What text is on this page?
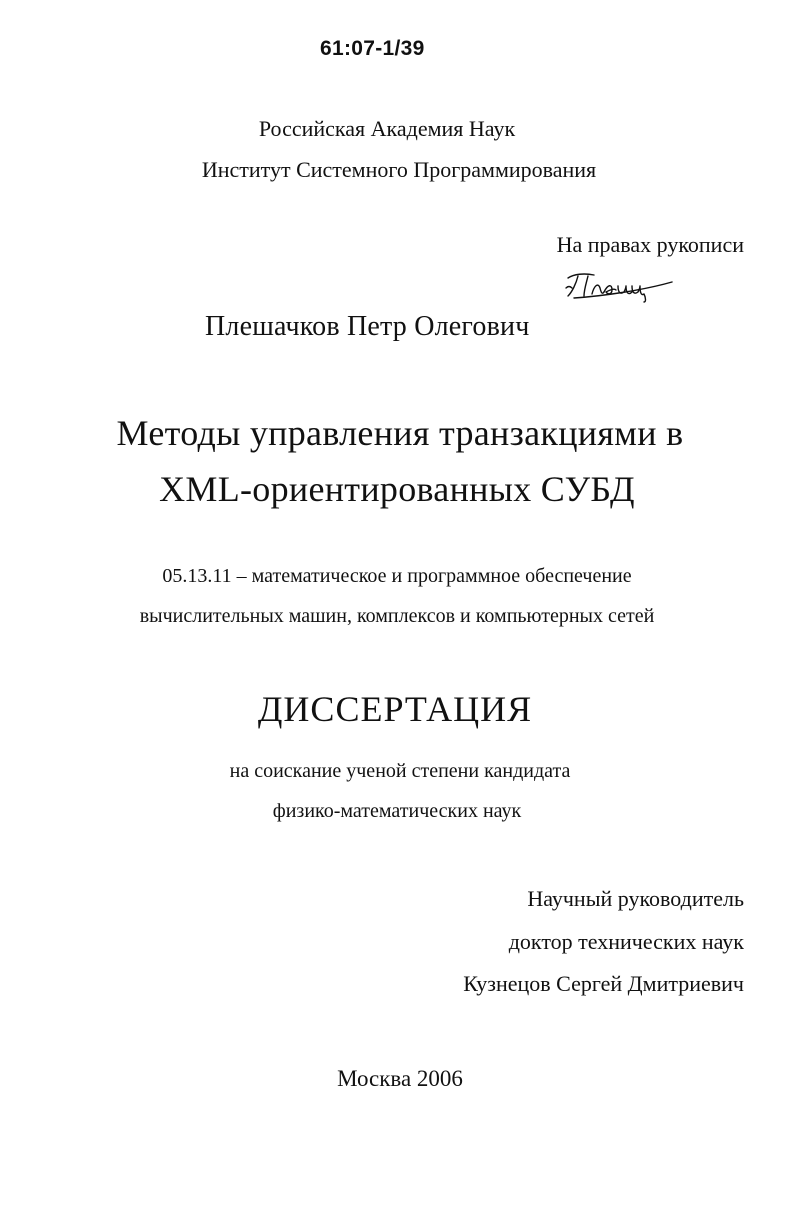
61:07-1/39
Российская Академия Наук
Институт Системного Программирования
На правах рукописи
Плешачков Петр Олегович
Методы управления транзакциями в
XML-ориентированных СУБД
05.13.11 – математическое и программное обеспечение
вычислительных машин, комплексов и компьютерных сетей
ДИССЕРТАЦИЯ
на соискание ученой степени кандидата
физико-математических наук
Научный руководитель
доктор технических наук
Кузнецов Сергей Дмитриевич
Москва 2006
